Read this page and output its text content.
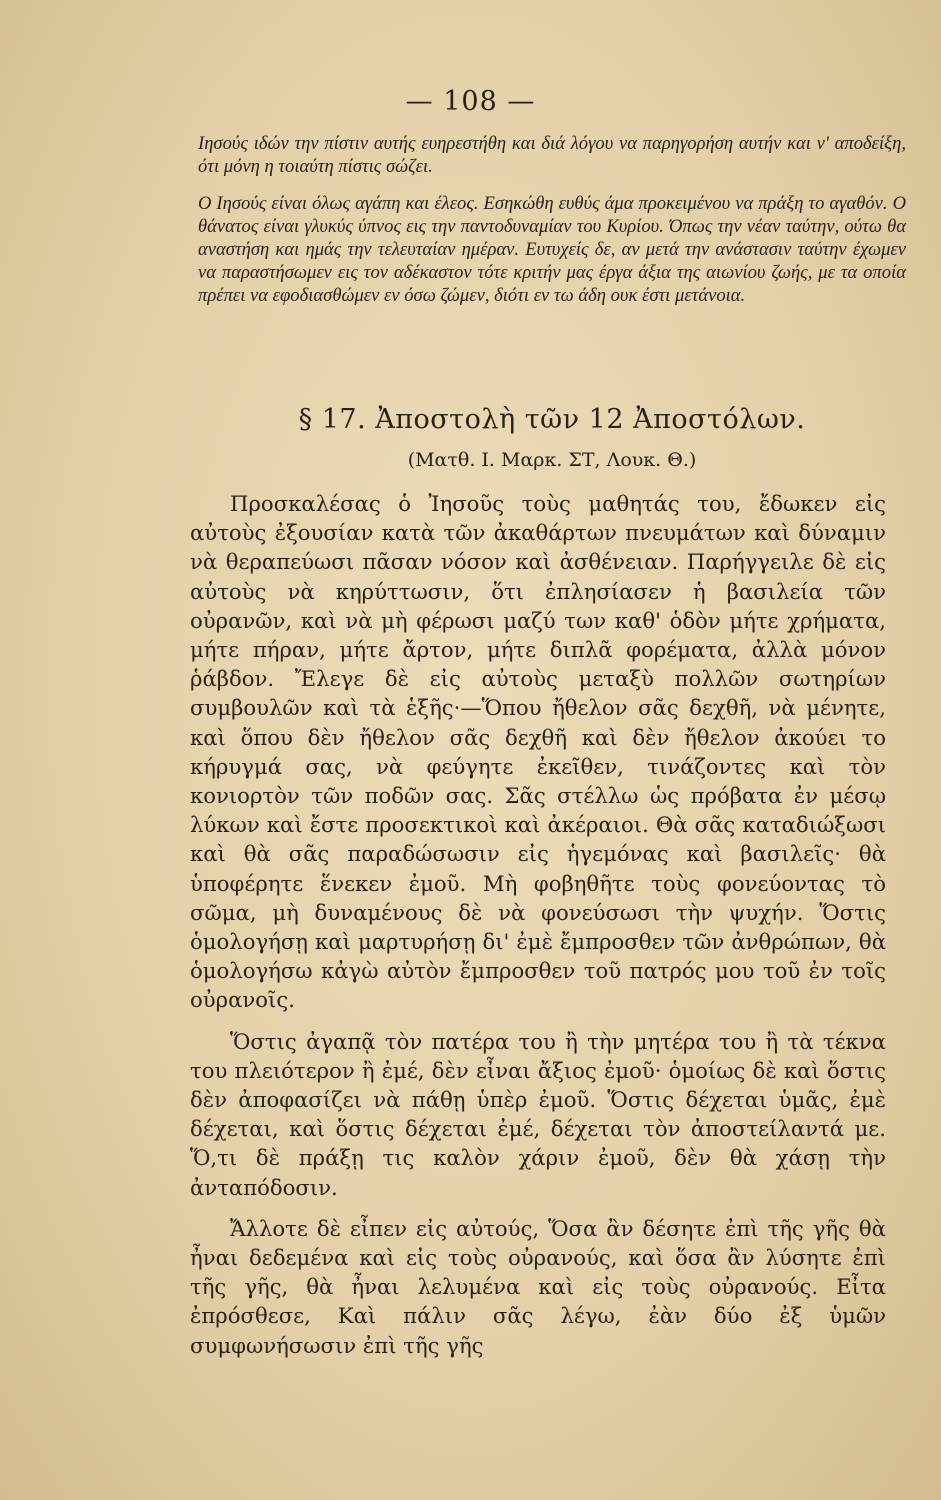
— 108 —

Ιησούς ιδών την πίστιν αυτής ευηρεστήθη και διά λόγου να παρηγορήση αυτήν και ν' αποδείξη, ότι μόνη η τοιαύτη πίστις σώζει.

Ο Ιησούς είναι όλως αγάπη και έλεος. Εσηκώθη ευθύς άμα προκειμένου να πράξη το αγαθόν. Ο θάνατος είναι γλυκύς ύπνος εις την παντοδυναμίαν του Κυρίου. Όπως την νέαν ταύτην, ούτω θα αναστήση και ημάς την τελευταίαν ημέραν. Ευτυχείς δε, αν μετά την ανάστασιν ταύτην έχωμεν να παραστήσωμεν εις τον αδέκαστον τότε κριτήν μας έργα άξια της αιωνίου ζωής, με τα οποία πρέπει να εφοδιασθώμεν εν όσω ζώμεν, διότι εν τω άδη ουκ έστι μετάνοια.

§ 17. Ἀποστολὴ τῶν 12 Ἀποστόλων.
(Ματθ. Ι. Μαρκ. ΣΤ, Λουκ. Θ.)

Προσκαλέσας ὁ Ἰησοῦς τοὺς μαθητάς του, ἔδωκεν εἰς αὐτοὺς ἐξουσίαν κατὰ τῶν ἀκαθάρτων πνευμάτων καὶ δύναμιν νὰ θεραπεύωσι πᾶσαν νόσον καὶ ἀσθένειαν. Παρήγγειλε δὲ εἰς αὐτοὺς νὰ κηρύττωσιν, ὅτι ἐπλησίασεν ἡ βασιλεία τῶν οὐρανῶν, καὶ νὰ μὴ φέρωσι μαζύ των καθ' ὁδὸν μήτε χρήματα, μήτε πήραν, μήτε ἄρτον, μήτε διπλᾶ φορέματα, ἀλλὰ μόνον ῥάβδον. Ἔλεγε δὲ εἰς αὐτοὺς μεταξὺ πολλῶν σωτηρίων συμβουλῶν καὶ τὰ ἑξῆς·—Ὅπου ἤθελον σᾶς δεχθῆ, νὰ μένητε, καὶ ὅπου δὲν ἤθελον σᾶς δεχθῆ καὶ δὲν ἤθελον ἀκούει το κήρυγμά σας, νὰ φεύγητε ἐκεῖθεν, τινάζοντες καὶ τὸν κονιορτὸν τῶν ποδῶν σας. Σᾶς στέλλω ὡς πρόβατα ἐν μέσῳ λύκων καὶ ἔστε προσεκτικοὶ καὶ ἀκέραιοι. Θὰ σᾶς καταδιώξωσι καὶ θὰ σᾶς παραδώσωσιν εἰς ἡγεμόνας καὶ βασιλεῖς· θὰ ὑποφέρητε ἕνεκεν ἐμοῦ. Μὴ φοβηθῆτε τοὺς φονεύοντας τὸ σῶμα, μὴ δυναμένους δὲ νὰ φονεύσωσι τὴν ψυχήν. Ὅστις ὁμολογήσῃ καὶ μαρτυρήσῃ δι' ἐμὲ ἔμπροσθεν τῶν ἀνθρώπων, θὰ ὁμολογήσω κἀγὼ αὐτὸν ἔμπροσθεν τοῦ πατρός μου τοῦ ἐν τοῖς οὐρανοῖς.

Ὅστις ἀγαπᾷ τὸν πατέρα του ἢ τὴν μητέρα του ἢ τὰ τέκνα του πλειότερον ἢ ἐμέ, δὲν εἶναι ἄξιος ἐμοῦ· ὁμοίως δὲ καὶ ὅστις δὲν ἀποφασίζει νὰ πάθῃ ὑπὲρ ἐμοῦ. Ὅστις δέχεται ὑμᾶς, ἐμὲ δέχεται, καὶ ὅστις δέχεται ἐμέ, δέχεται τὸν ἀποστείλαντά με. Ὅ,τι δὲ πράξῃ τις καλὸν χάριν ἐμοῦ, δὲν θὰ χάσῃ τὴν ἀνταπόδοσιν.

Ἄλλοτε δὲ εἶπεν εἰς αὐτούς, Ὅσα ἂν δέσητε ἐπὶ τῆς γῆς θὰ ἦναι δεδεμένα καὶ εἰς τοὺς οὐρανούς, καὶ ὅσα ἂν λύσητε ἐπὶ τῆς γῆς, θὰ ἦναι λελυμένα καὶ εἰς τοὺς οὐρανούς. Εἶτα ἐπρόσθεσε, Καὶ πάλιν σᾶς λέγω, ἐὰν δύο ἐξ ὑμῶν συμφωνήσωσιν ἐπὶ τῆς γῆς
